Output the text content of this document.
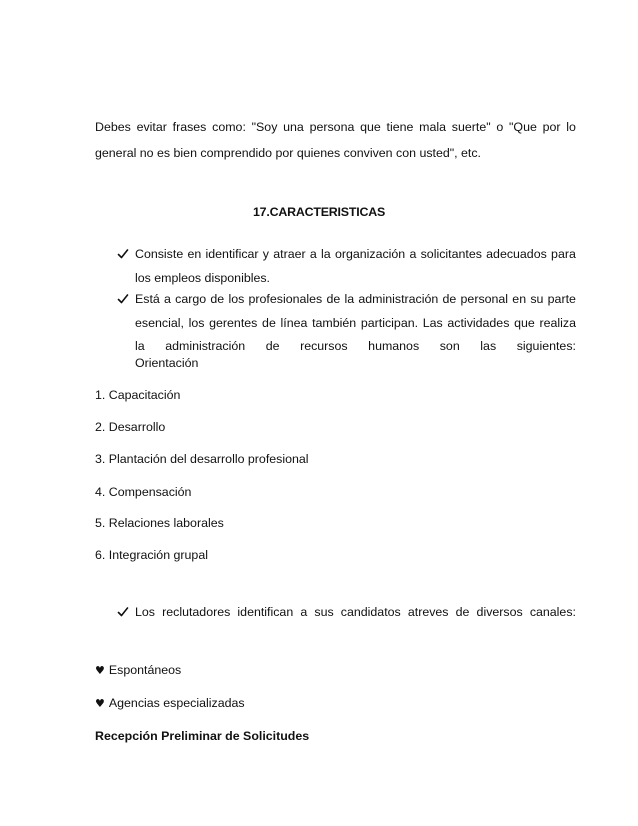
Debes evitar frases como: "Soy una persona que tiene mala suerte" o "Que por lo
general no es bien comprendido por quienes conviven con usted", etc.
17.CARACTERISTICAS
Consiste en identificar y atraer a la organización a solicitantes adecuados para
los empleos disponibles.
Está a cargo de los profesionales de la administración de personal en su parte
esencial, los gerentes de línea también participan. Las actividades que realiza
la administración de recursos humanos son las siguientes:
Orientación
1. Capacitación
2. Desarrollo
3. Plantación del desarrollo profesional
4. Compensación
5. Relaciones laborales
6. Integración grupal
Los reclutadores identifican a sus candidatos atreves de diversos canales:
♥ Espontáneos
♥ Agencias especializadas
Recepción Preliminar de Solicitudes
